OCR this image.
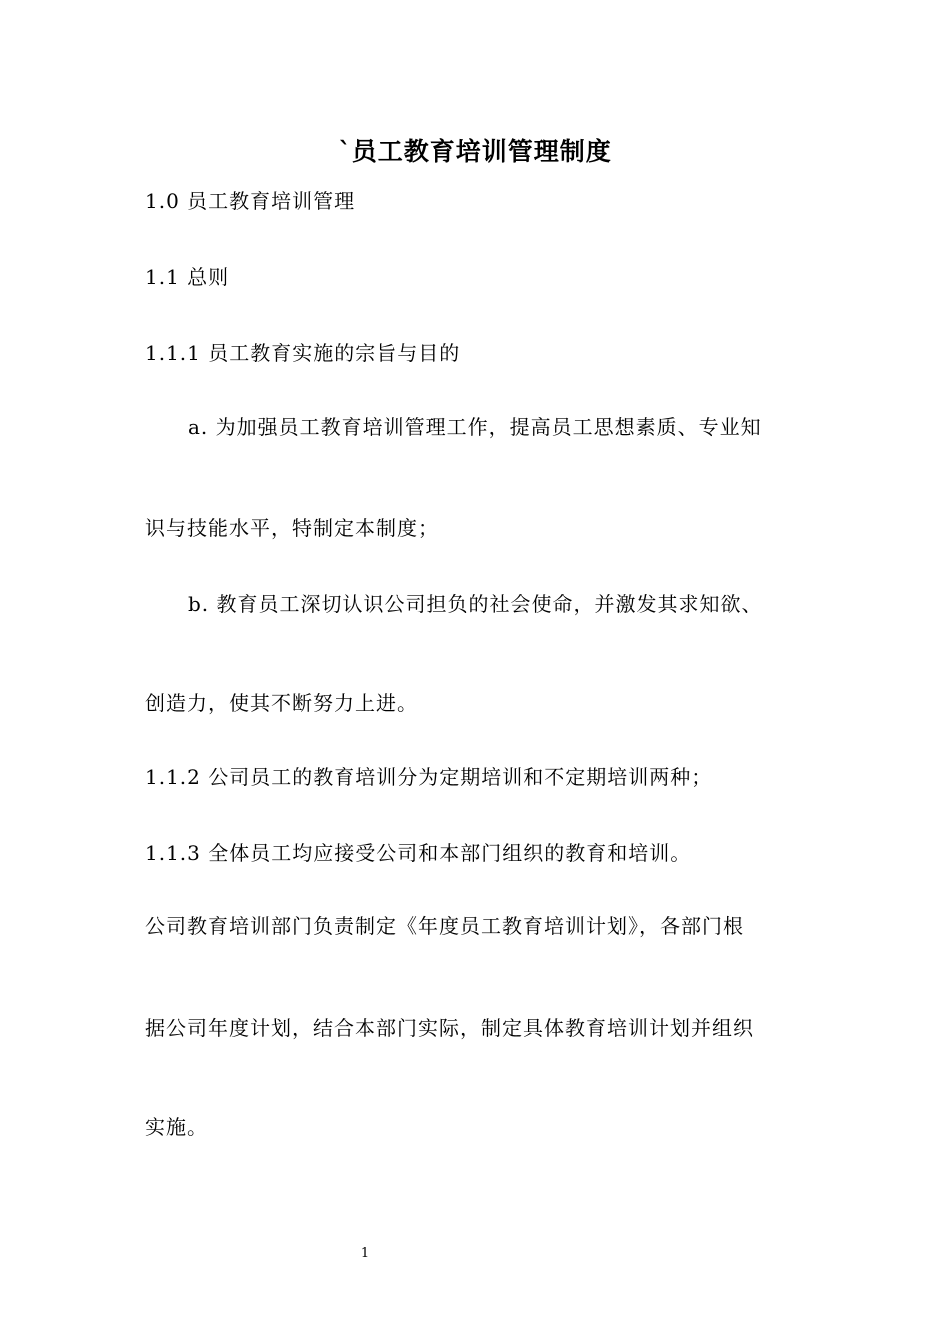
`员工教育培训管理制度
1.0 员工教育培训管理
1.1 总则
1.1.1 员工教育实施的宗旨与目的
a. 为加强员工教育培训管理工作，提高员工思想素质、专业知
识与技能水平，特制定本制度；
b. 教育员工深切认识公司担负的社会使命，并激发其求知欲、
创造力，使其不断努力上进。
1.1.2 公司员工的教育培训分为定期培训和不定期培训两种；
1.1.3 全体员工均应接受公司和本部门组织的教育和培训。
公司教育培训部门负责制定《年度员工教育培训计划》，各部门根
据公司年度计划，结合本部门实际，制定具体教育培训计划并组织
实施。
1
